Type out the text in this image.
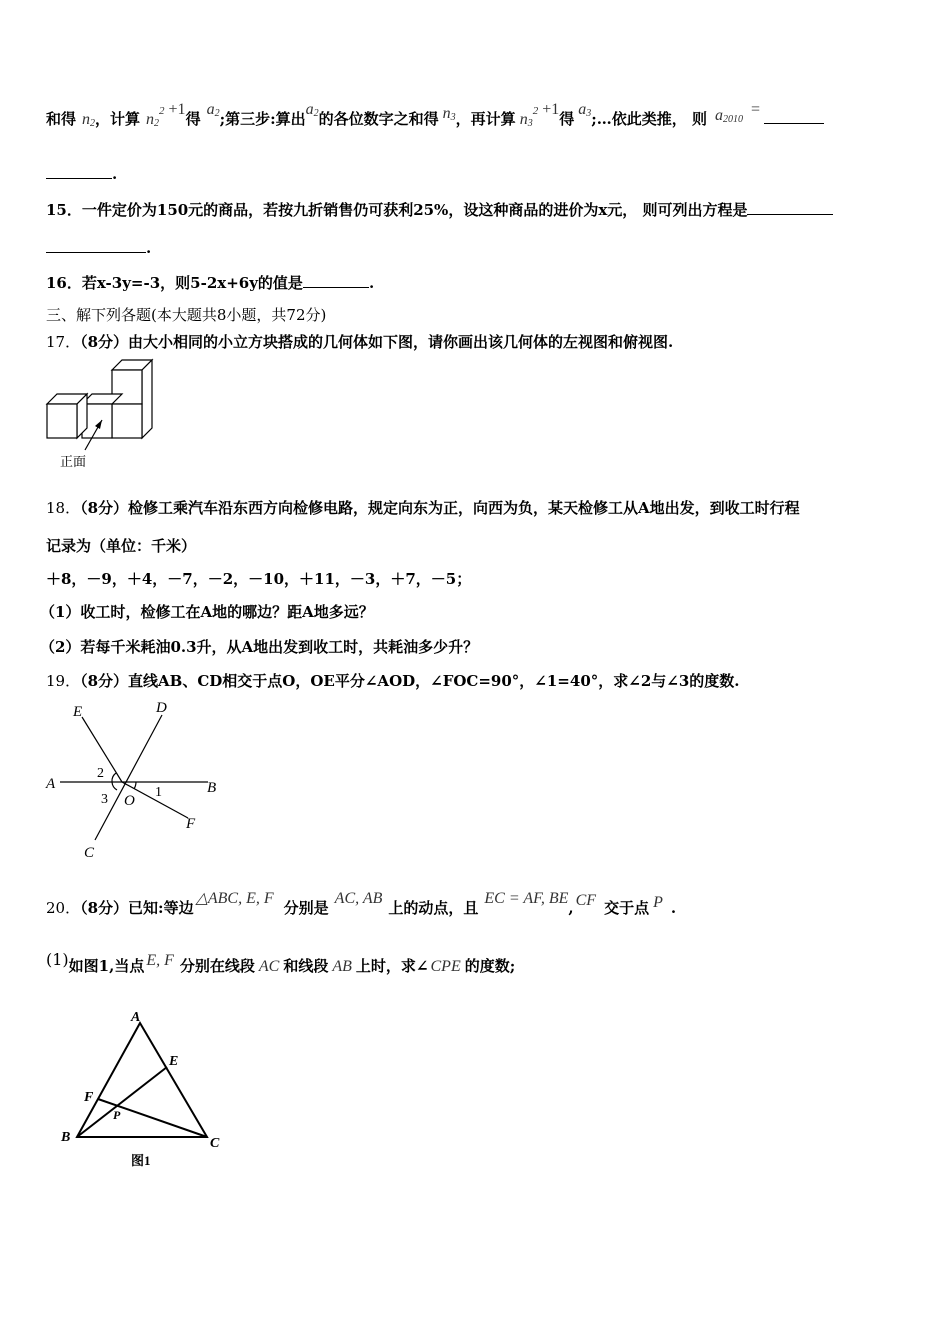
和得 n2，计算 $n2^2 +1$得a2;第三步:算出a2的各位数字之和得 n3，再计算 $n3^2 +1$得a3;…依此类推， 则 a2010=
.
15．一件定价为150元的商品，若按九折销售仍可获利25%，设这种商品的进价为x元， 则可列出方程是
.
16．若x-3y=-3，则5-2x+6y的值是	.
三、解下列各题(本大题共8小题，共72分)
17．（8分）由大小相同的小立方块搭成的几何体如下图，请你画出该几何体的左视图和俯视图.
正面
18．（8分）检修工乘汽车沿东西方向检修电路，规定向东为正，向西为负，某天检修工从A地出发，到收工时行程
记录为（单位：千米）
＋8，－9，＋4，－7，－2，－10，＋11，－3，＋7，－5；
（1）收工时，检修工在A地的哪边？距A地多远？
（2）若每千米耗油0.3升，从A地出发到收工时，共耗油多少升？
19．（8分）直线AB、CD相交于点O，OE平分∠AOD，∠FOC=90°，∠1=40°，求∠2与∠3的度数.
E	D
A	B
C
F
O
1
2
3
20．（8分）已知:等边△ABC, E, F分别是AC, AB上的动点，且EC = AF, BE, CF 交于点 P .
(1)如图1,当点 E, F 分别在线段 AC 和线段 AB 上时，求∠ CPE 的度数;
A
E
F
P
B	C
图1
